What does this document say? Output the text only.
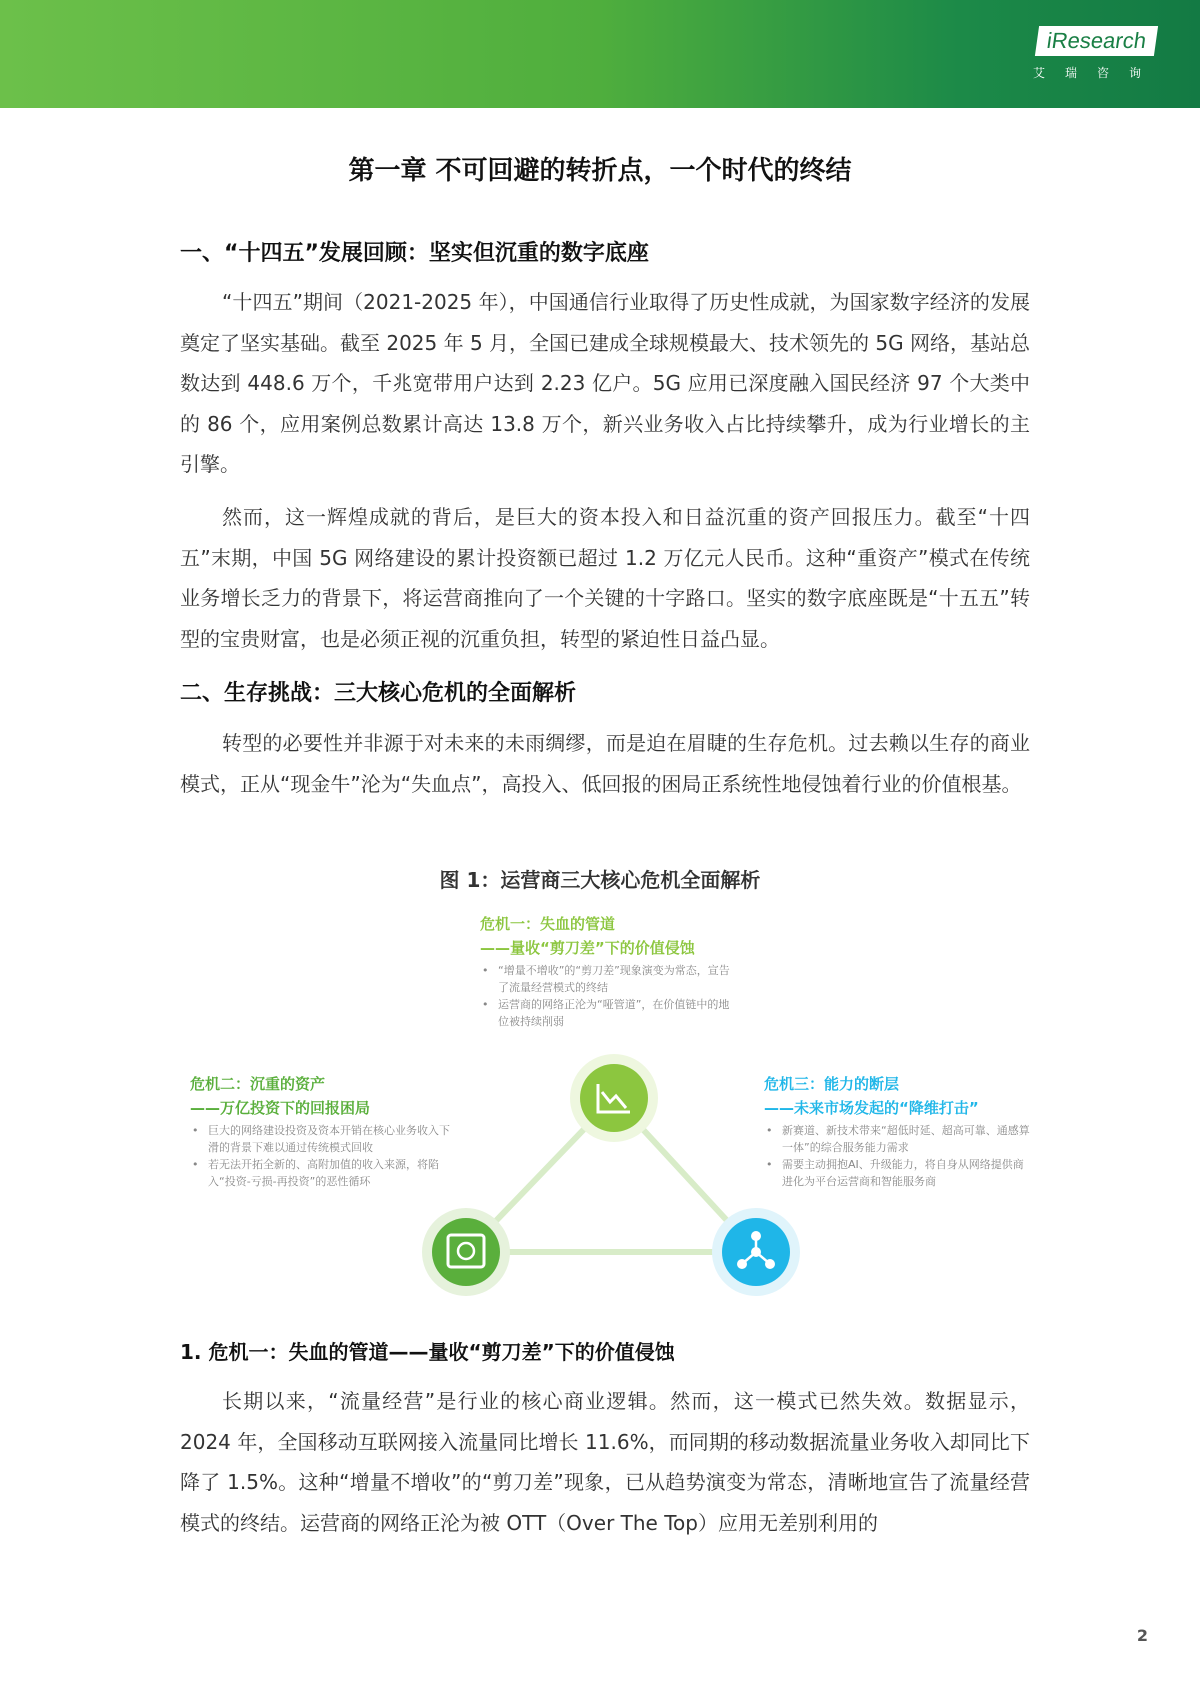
iResearch
艾瑞咨询
第一章 不可回避的转折点，一个时代的终结
一、“十四五”发展回顾：坚实但沉重的数字底座
“十四五”期间（2021-2025 年），中国通信行业取得了历史性成就，为国家数字经济的发展奠定了坚实基础。截至 2025 年 5 月，全国已建成全球规模最大、技术领先的 5G 网络，基站总数达到 448.6 万个，千兆宽带用户达到 2.23 亿户。5G 应用已深度融入国民经济 97 个大类中的 86 个，应用案例总数累计高达 13.8 万个，新兴业务收入占比持续攀升，成为行业增长的主引擎。
然而，这一辉煌成就的背后，是巨大的资本投入和日益沉重的资产回报压力。截至“十四五”末期，中国 5G 网络建设的累计投资额已超过 1.2 万亿元人民币。这种“重资产”模式在传统业务增长乏力的背景下，将运营商推向了一个关键的十字路口。坚实的数字底座既是“十五五”转型的宝贵财富，也是必须正视的沉重负担，转型的紧迫性日益凸显。
二、生存挑战：三大核心危机的全面解析
转型的必要性并非源于对未来的未雨绸缪，而是迫在眉睫的生存危机。过去赖以生存的商业模式，正从“现金牛”沦为“失血点”，高投入、低回报的困局正系统性地侵蚀着行业的价值根基。
图 1：运营商三大核心危机全面解析
危机一：失血的管道
——量收“剪刀差”下的价值侵蚀
• “增量不增收”的“剪刀差”现象演变为常态，宣告了流量经营模式的终结
• 运营商的网络正沦为“哑管道”，在价值链中的地位被持续削弱
危机二：沉重的资产
——万亿投资下的回报困局
• 巨大的网络建设投资及资本开销在核心业务收入下滑的背景下难以通过传统模式回收
• 若无法开拓全新的、高附加值的收入来源，将陷入“投资-亏损-再投资”的恶性循环
危机三：能力的断层
——未来市场发起的“降维打击”
• 新赛道、新技术带来“超低时延、超高可靠、通感算一体”的综合服务能力需求
• 需要主动拥抱AI、升级能力，将自身从网络提供商进化为平台运营商和智能服务商
1. 危机一：失血的管道——量收“剪刀差”下的价值侵蚀
长期以来，“流量经营”是行业的核心商业逻辑。然而，这一模式已然失效。数据显示，2024 年，全国移动互联网接入流量同比增长 11.6%，而同期的移动数据流量业务收入却同比下降了 1.5%。这种“增量不增收”的“剪刀差”现象，已从趋势演变为常态，清晰地宣告了流量经营模式的终结。运营商的网络正沦为被 OTT（Over The Top）应用无差别利用的
2
